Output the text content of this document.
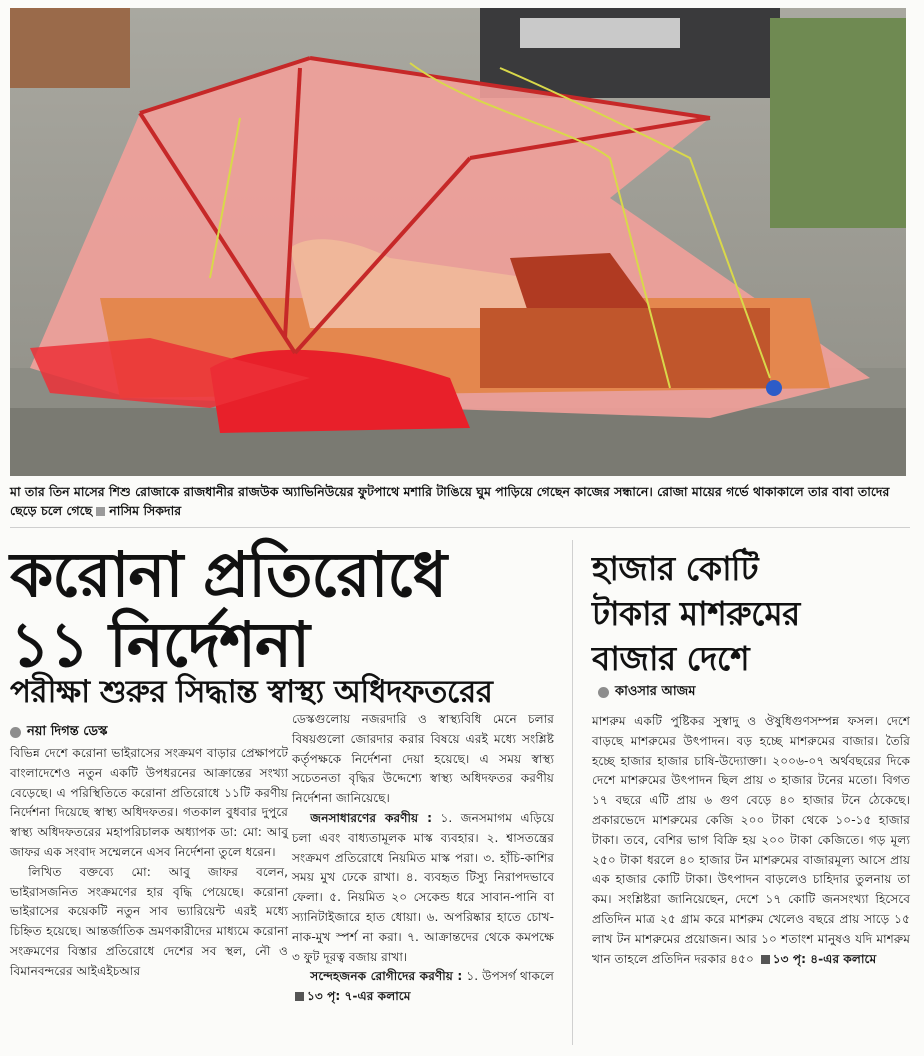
মা তার তিন মাসের শিশু রোজাকে রাজধানীর রাজউক অ্যাভিনিউয়ের ফুটপাথে মশারি টাঙিয়ে ঘুম পাড়িয়ে গেছেন কাজের সন্ধানে। রোজা মায়ের গর্ভে থাকাকালে তার বাবা তাদের ছেড়ে চলে গেছে নাসিম সিকদার
করোনা প্রতিরোধে
১১ নির্দেশনা
পরীক্ষা শুরুর সিদ্ধান্ত স্বাস্থ্য অধিদফতরের
নয়া দিগন্ত ডেস্ক

বিভিন্ন দেশে করোনা ভাইরাসের সংক্রমণ বাড়ার প্রেক্ষাপটে বাংলাদেশেও নতুন একটি উপধরনের আক্রান্তের সংখ্যা বেড়েছে। এ পরিস্থিতিতে করোনা প্রতিরোধে ১১টি করণীয় নির্দেশনা দিয়েছে স্বাস্থ্য অধিদফতর। গতকাল বুধবার দুপুরে স্বাস্থ্য অধিদফতরের মহাপরিচালক অধ্যাপক ডা: মো: আবু জাফর এক সংবাদ সম্মেলনে এসব নির্দেশনা তুলে ধরেন।

লিখিত বক্তব্যে মো: আবু জাফর বলেন, ভাইরাসজনিত সংক্রমণের হার বৃদ্ধি পেয়েছে। করোনা ভাইরাসের কয়েকটি নতুন সাব ভ্যারিয়েন্ট এরই মধ্যে চিহ্নিত হয়েছে। আন্তর্জাতিক ভ্রমণকারীদের মাধ্যমে করোনা সংক্রমণের বিস্তার প্রতিরোধে দেশের সব স্থল, নৌ ও বিমানবন্দরের আইএইচআর

ডেস্কগুলোয় নজরদারি ও স্বাস্থ্যবিধি মেনে চলার বিষয়গুলো জোরদার করার বিষয়ে এরই মধ্যে সংশ্লিষ্ট কর্তৃপক্ষকে নির্দেশনা দেয়া হয়েছে। এ সময় স্বাস্থ্য সচেতনতা বৃদ্ধির উদ্দেশ্যে স্বাস্থ্য অধিদফতর করণীয় নির্দেশনা জানিয়েছে।

জনসাধারণের করণীয় : ১. জনসমাগম এড়িয়ে চলা এবং বাধ্যতামূলক মাস্ক ব্যবহার। ২. শ্বাসতন্ত্রের সংক্রমণ প্রতিরোধে নিয়মিত মাস্ক পরা। ৩. হাঁচি-কাশির সময় মুখ ঢেকে রাখা। ৪. ব্যবহৃত টিস্যু নিরাপদভাবে ফেলা। ৫. নিয়মিত ২০ সেকেন্ড ধরে সাবান-পানি বা স্যানিটাইজারে হাত ধোয়া। ৬. অপরিষ্কার হাতে চোখ-নাক-মুখ স্পর্শ না করা। ৭. আক্রান্তদের থেকে কমপক্ষে ৩ ফুট দূরত্ব বজায় রাখা।

সন্দেহজনক রোগীদের করণীয় : ১. উপসর্গ থাকলে ১৩ পৃ: ৭-এর কলামে

হাজার কোটি
টাকার মাশরুমের
বাজার দেশে
কাওসার আজম

মাশরুম একটি পুষ্টিকর সুস্বাদু ও ঔষুধিগুণসম্পন্ন ফসল। দেশে বাড়ছে মাশরুমের উৎপাদন। বড় হচ্ছে মাশরুমের বাজার। তৈরি হচ্ছে হাজার হাজার চাষি-উদ্যোক্তা। ২০০৬-০৭ অর্থবছরের দিকে দেশে মাশরুমের উৎপাদন ছিল প্রায় ৩ হাজার টনের মতো। বিগত ১৭ বছরে এটি প্রায় ৬ গুণ বেড়ে ৪০ হাজার টনে ঠেকেছে। প্রকারভেদে মাশরুমের কেজি ২০০ টাকা থেকে ১০-১৫ হাজার টাকা। তবে, বেশির ভাগ বিক্রি হয় ২০০ টাকা কেজিতে। গড় মূল্য ২৫০ টাকা ধরলে ৪০ হাজার টন মাশরুমের বাজারমূল্য আসে প্রায় এক হাজার কোটি টাকা। উৎপাদন বাড়লেও চাহিদার তুলনায় তা কম। সংশ্লিষ্টরা জানিয়েছেন, দেশে ১৭ কোটি জনসংখ্যা হিসেবে প্রতিদিন মাত্র ২৫ গ্রাম করে মাশরুম খেলেও বছরে প্রায় সাড়ে ১৫ লাখ টন মাশরুমের প্রয়োজন। আর ১০ শতাংশ মানুষও যদি মাশরুম খান তাহলে প্রতিদিন দরকার ৪৫০ ১৩ পৃ: ৪-এর কলামে
